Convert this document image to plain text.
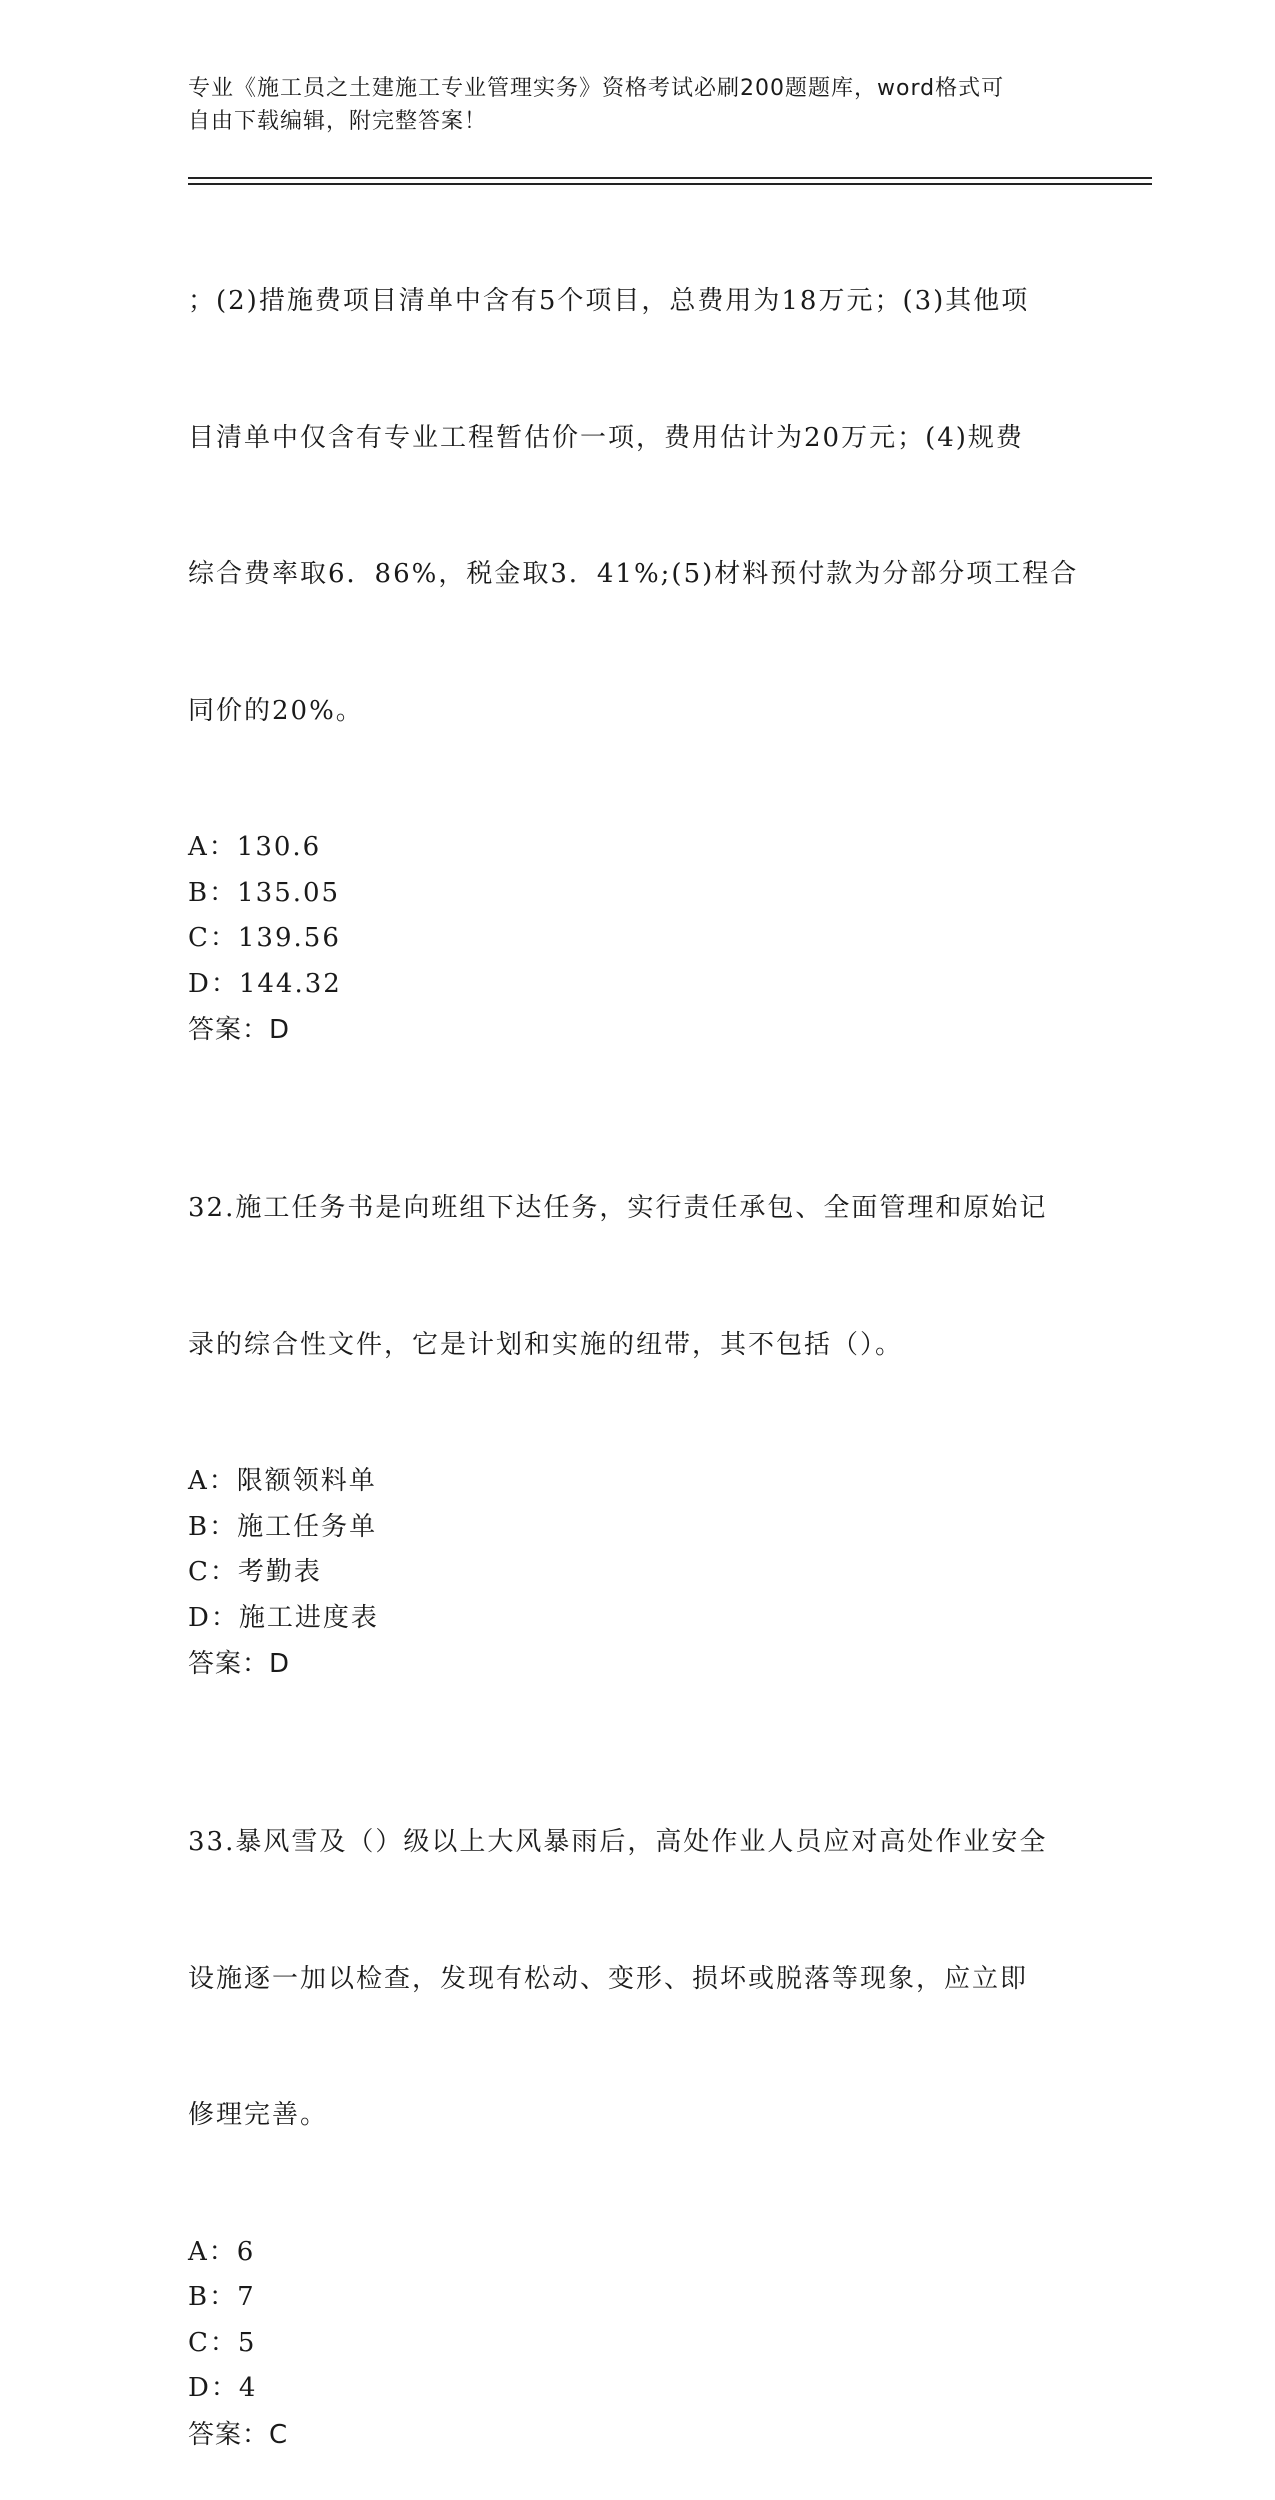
专业《施工员之土建施工专业管理实务》资格考试必刷200题题库，word格式可
自由下载编辑，附完整答案！

；(2)措施费项目清单中含有5个项目，总费用为18万元；(3)其他项

目清单中仅含有专业工程暂估价一项，费用估计为20万元；(4)规费

综合费率取6．86%，税金取3．41%;(5)材料预付款为分部分项工程合

同价的20%。

A：130.6

B：135.05

C：139.56

D：144.32

答案：D

32.施工任务书是向班组下达任务，实行责任承包、全面管理和原始记

录的综合性文件，它是计划和实施的纽带，其不包括（）。

A：限额领料单

B：施工任务单

C：考勤表

D：施工进度表

答案：D

33.暴风雪及（）级以上大风暴雨后，高处作业人员应对高处作业安全

设施逐一加以检查，发现有松动、变形、损坏或脱落等现象，应立即

修理完善。

A：6

B：7

C：5

D：4

答案：C
